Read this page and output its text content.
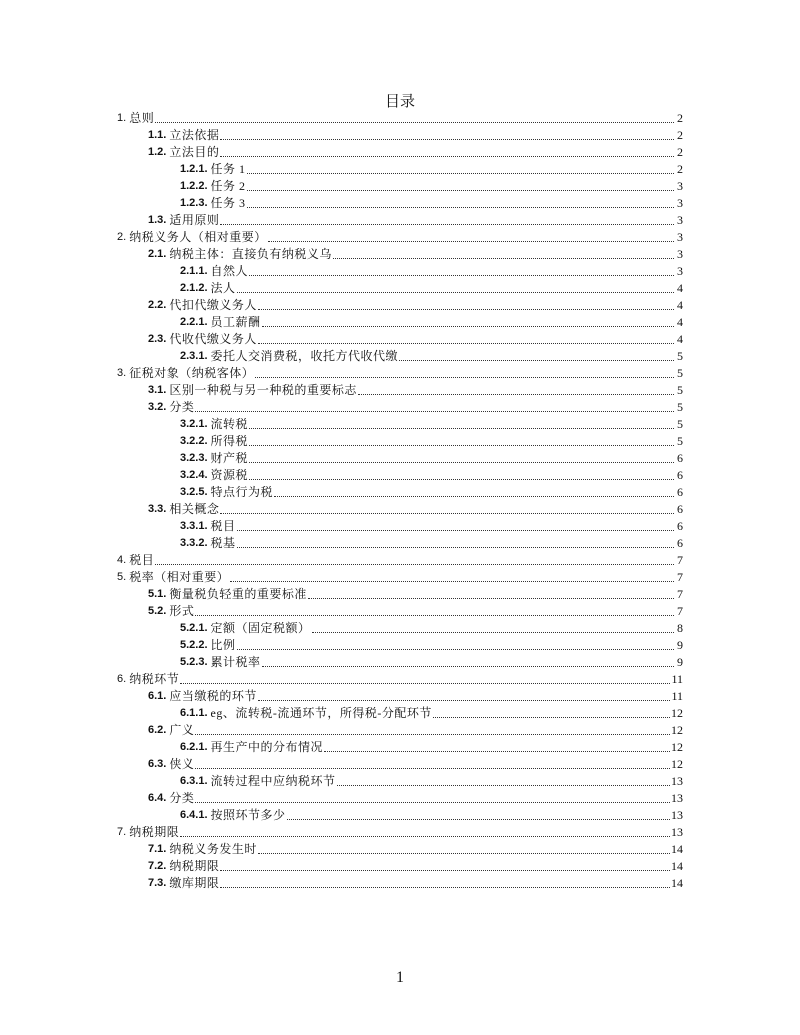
目录
1. 总则	2
1.1. 立法依据	2
1.2. 立法目的	2
1.2.1. 任务 1	2
1.2.2. 任务 2	3
1.2.3. 任务 3	3
1.3. 适用原则	3
2. 纳税义务人（相对重要）	3
2.1. 纳税主体：直接负有纳税义乌	3
2.1.1. 自然人	3
2.1.2. 法人	4
2.2. 代扣代缴义务人	4
2.2.1. 员工薪酬	4
2.3. 代收代缴义务人	4
2.3.1. 委托人交消费税，收托方代收代缴	5
3. 征税对象（纳税客体）	5
3.1. 区别一种税与另一种税的重要标志	5
3.2. 分类	5
3.2.1. 流转税	5
3.2.2. 所得税	5
3.2.3. 财产税	6
3.2.4. 资源税	6
3.2.5. 特点行为税	6
3.3. 相关概念	6
3.3.1. 税目	6
3.3.2. 税基	6
4. 税目	7
5. 税率（相对重要）	7
5.1. 衡量税负轻重的重要标准	7
5.2. 形式	7
5.2.1. 定额（固定税额）	8
5.2.2. 比例	9
5.2.3. 累计税率	9
6. 纳税环节	11
6.1. 应当缴税的环节	11
6.1.1. eg、流转税-流通环节，所得税-分配环节	12
6.2. 广义	12
6.2.1. 再生产中的分布情况	12
6.3. 侠义	12
6.3.1. 流转过程中应纳税环节	13
6.4. 分类	13
6.4.1. 按照环节多少	13
7. 纳税期限	13
7.1. 纳税义务发生时	14
7.2. 纳税期限	14
7.3. 缴库期限	14
1
